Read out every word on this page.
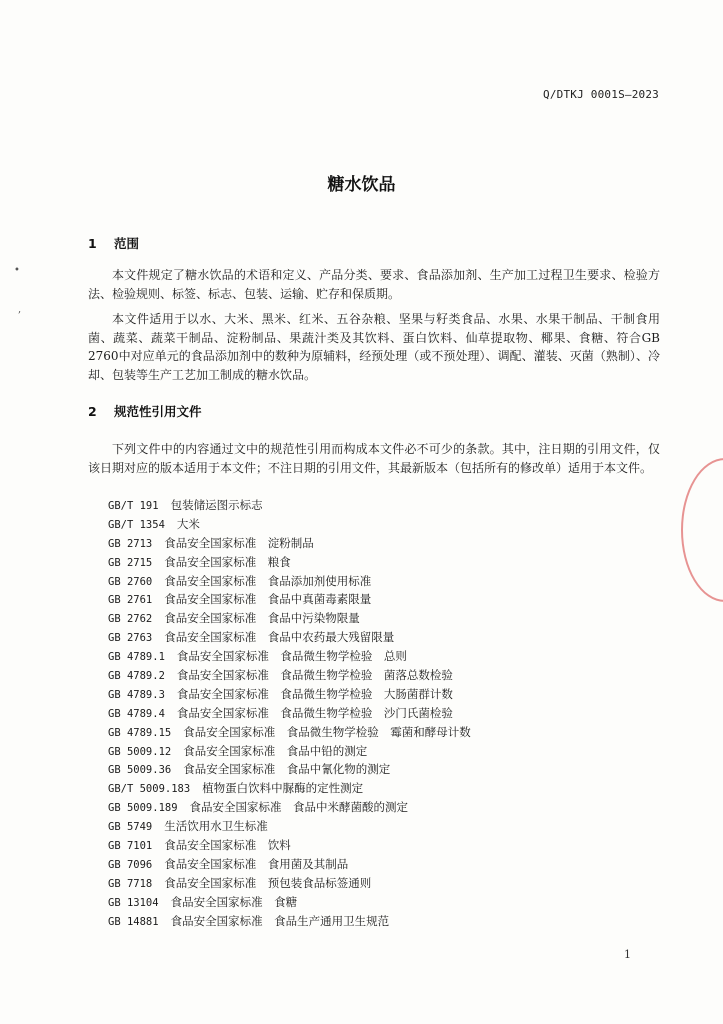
Q/DTKJ 0001S—2023
糖水饮品
•
,
1 范围
本文件规定了糖水饮品的术语和定义、产品分类、要求、食品添加剂、生产加工过程卫生要求、检验方法、检验规则、标签、标志、包装、运输、贮存和保质期。
本文件适用于以水、大米、黑米、红米、五谷杂粮、坚果与籽类食品、水果、水果干制品、干制食用菌、蔬菜、蔬菜干制品、淀粉制品、果蔬汁类及其饮料、蛋白饮料、仙草提取物、椰果、食糖、符合GB 2760中对应单元的食品添加剂中的数种为原辅料，经预处理（或不预处理）、调配、灌装、灭菌（熟制）、冷却、包装等生产工艺加工制成的糖水饮品。
2 规范性引用文件
下列文件中的内容通过文中的规范性引用而构成本文件必不可少的条款。其中，注日期的引用文件，仅该日期对应的版本适用于本文件；不注日期的引用文件，其最新版本（包括所有的修改单）适用于本文件。
GB/T 191 包装储运图示标志
GB/T 1354 大米
GB 2713 食品安全国家标准　淀粉制品
GB 2715 食品安全国家标准　粮食
GB 2760 食品安全国家标准　食品添加剂使用标准
GB 2761 食品安全国家标准　食品中真菌毒素限量
GB 2762 食品安全国家标准　食品中污染物限量
GB 2763 食品安全国家标准　食品中农药最大残留限量
GB 4789.1 食品安全国家标准　食品微生物学检验　总则
GB 4789.2 食品安全国家标准　食品微生物学检验　菌落总数检验
GB 4789.3 食品安全国家标准　食品微生物学检验　大肠菌群计数
GB 4789.4 食品安全国家标准　食品微生物学检验　沙门氏菌检验
GB 4789.15 食品安全国家标准　食品微生物学检验　霉菌和酵母计数
GB 5009.12 食品安全国家标准　食品中铅的测定
GB 5009.36 食品安全国家标准　食品中氰化物的测定
GB/T 5009.183 植物蛋白饮料中脲酶的定性测定
GB 5009.189 食品安全国家标准　食品中米酵菌酸的测定
GB 5749 生活饮用水卫生标准
GB 7101 食品安全国家标准　饮料
GB 7096 食品安全国家标准　食用菌及其制品
GB 7718 食品安全国家标准　预包装食品标签通则
GB 13104 食品安全国家标准　食糖
GB 14881 食品安全国家标准　食品生产通用卫生规范
1
